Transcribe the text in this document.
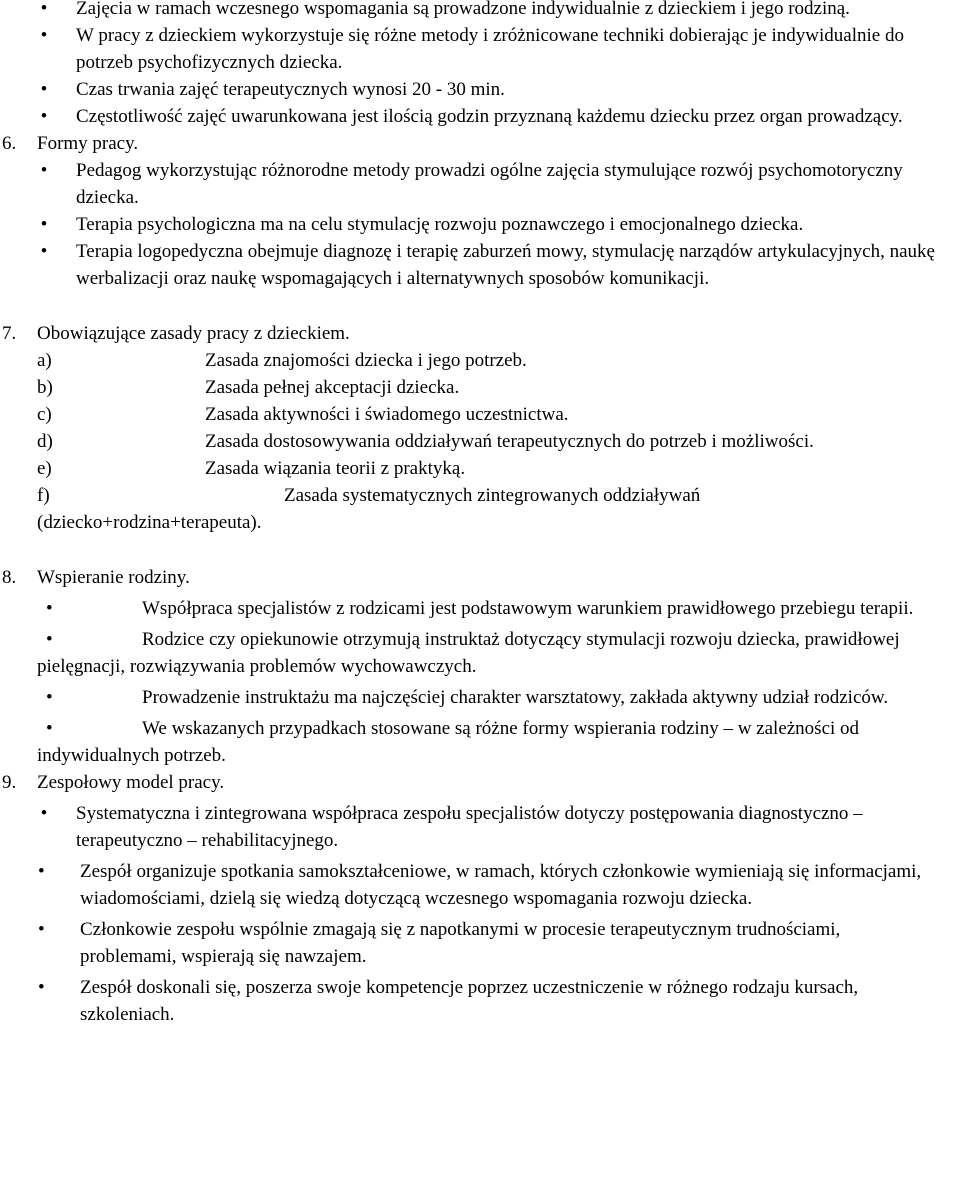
• Zajęcia w ramach wczesnego wspomagania są prowadzone indywidualnie z dzieckiem i jego rodziną.
• W pracy z dzieckiem wykorzystuje się różne metody i zróżnicowane techniki dobierając je indywidualnie do potrzeb psychofizycznych dziecka.
• Czas trwania zajęć terapeutycznych wynosi 20 - 30 min.
• Częstotliwość zajęć uwarunkowana jest ilością godzin przyznaną każdemu dziecku przez organ prowadzący.
6. Formy pracy.
• Pedagog wykorzystując różnorodne metody prowadzi ogólne zajęcia stymulujące rozwój psychomotoryczny dziecka.
• Terapia psychologiczna ma na celu stymulację rozwoju poznawczego i emocjonalnego dziecka.
• Terapia logopedyczna obejmuje diagnozę i terapię zaburzeń mowy, stymulację narządów artykulacyjnych, naukę werbalizacji oraz naukę wspomagających i alternatywnych sposobów komunikacji.
7. Obowiązujące zasady pracy z dzieckiem.
a)	Zasada znajomości dziecka i jego potrzeb.
b)	Zasada pełnej akceptacji dziecka.
c)	Zasada aktywności i świadomego uczestnictwa.
d)	Zasada dostosowywania oddziaływań terapeutycznych do potrzeb i możliwości.
e)	Zasada wiązania teorii z praktyką.
f)	Zasada systematycznych zintegrowanych oddziaływań
(dziecko+rodzina+terapeuta).
8. Wspieranie rodziny.
•	Współpraca specjalistów z rodzicami jest podstawowym warunkiem prawidłowego przebiegu terapii.
•	Rodzice czy opiekunowie otrzymują instruktaż dotyczący stymulacji rozwoju dziecka, prawidłowej pielęgnacji, rozwiązywania problemów wychowawczych.
•	Prowadzenie instruktażu ma najczęściej charakter warsztatowy, zakłada aktywny udział rodziców.
•	We wskazanych przypadkach stosowane są różne formy wspierania rodziny – w zależności od indywidualnych potrzeb.
9. Zespołowy model pracy.
• Systematyczna i zintegrowana współpraca zespołu specjalistów dotyczy postępowania diagnostyczno – terapeutyczno – rehabilitacyjnego.
• Zespół organizuje spotkania samokształceniowe, w ramach, których członkowie wymieniają się informacjami, wiadomościami, dzielą się wiedzą dotyczącą wczesnego wspomagania rozwoju dziecka.
• Członkowie zespołu wspólnie zmagają się z napotkanymi w procesie terapeutycznym trudnościami, problemami, wspierają się nawzajem.
• Zespół doskonali się, poszerza swoje kompetencje poprzez uczestniczenie w różnego rodzaju kursach, szkoleniach.
